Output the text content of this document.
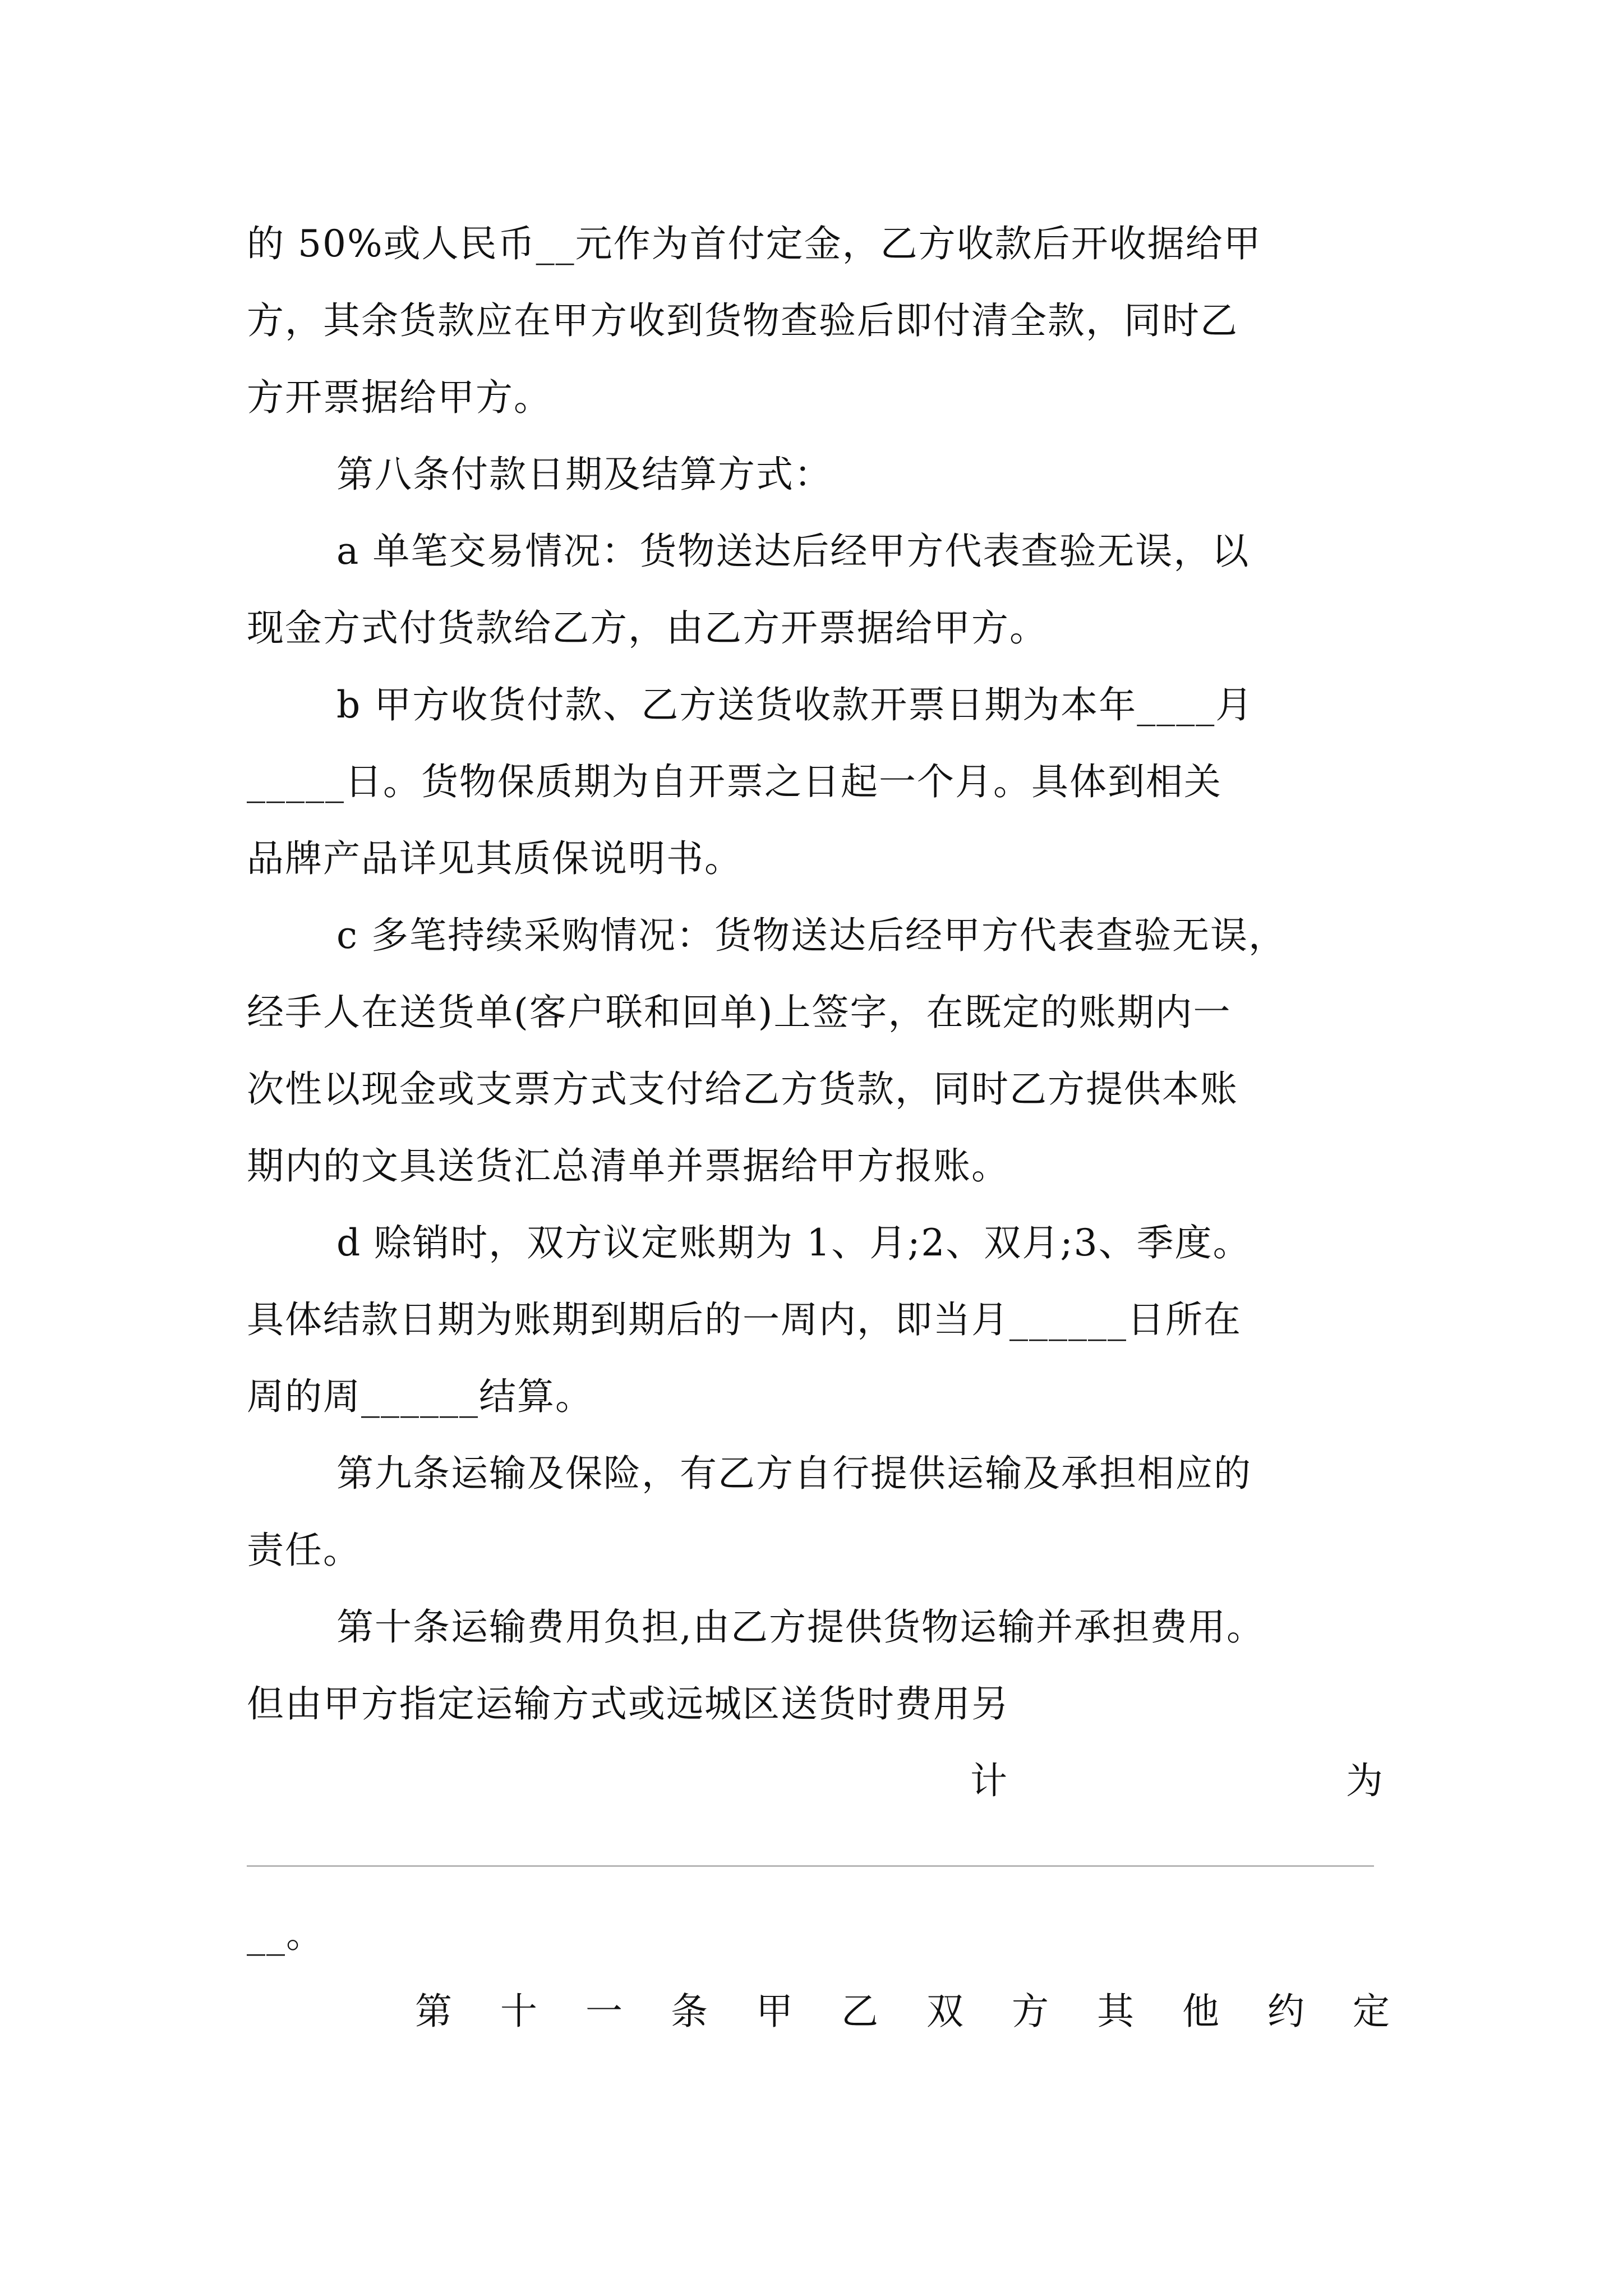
的 50%或人民币__元作为首付定金，乙方收款后开收据给甲
方，其余货款应在甲方收到货物查验后即付清全款，同时乙
方开票据给甲方。
第八条付款日期及结算方式：
a 单笔交易情况：货物送达后经甲方代表查验无误，以
现金方式付货款给乙方，由乙方开票据给甲方。
b 甲方收货付款、乙方送货收款开票日期为本年____月
_____日。货物保质期为自开票之日起一个月。具体到相关
品牌产品详见其质保说明书。
c 多笔持续采购情况：货物送达后经甲方代表查验无误，
经手人在送货单(客户联和回单)上签字，在既定的账期内一
次性以现金或支票方式支付给乙方货款，同时乙方提供本账
期内的文具送货汇总清单并票据给甲方报账。
d 赊销时，双方议定账期为 1、月;2、双月;3、季度。
具体结款日期为账期到期后的一周内，即当月______日所在
周的周______结算。
第九条运输及保险，有乙方自行提供运输及承担相应的
责任。
第十条运输费用负担,由乙方提供货物运输并承担费用。
但由甲方指定运输方式或远城区送货时费用另
计	为
__。
第 十 一 条 甲 乙 双 方 其 他 约 定
